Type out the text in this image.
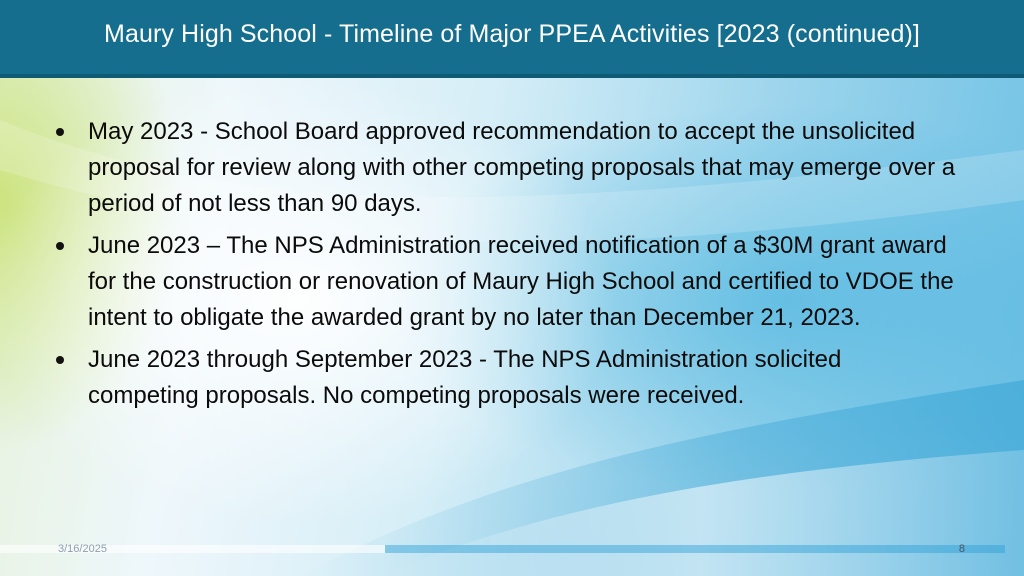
Maury High School - Timeline of Major PPEA Activities [2023 (continued)]
May 2023 - School Board approved recommendation to accept the unsolicited proposal for review along with other competing proposals that may emerge over a period of not less than 90 days.
June 2023 – The NPS Administration received notification of a $30M grant award for the construction or renovation of Maury High School and certified to VDOE the intent to obligate the awarded grant by no later than December 21, 2023.
June 2023 through September 2023 - The NPS Administration solicited competing proposals. No competing proposals were received.
3/16/2025	8
